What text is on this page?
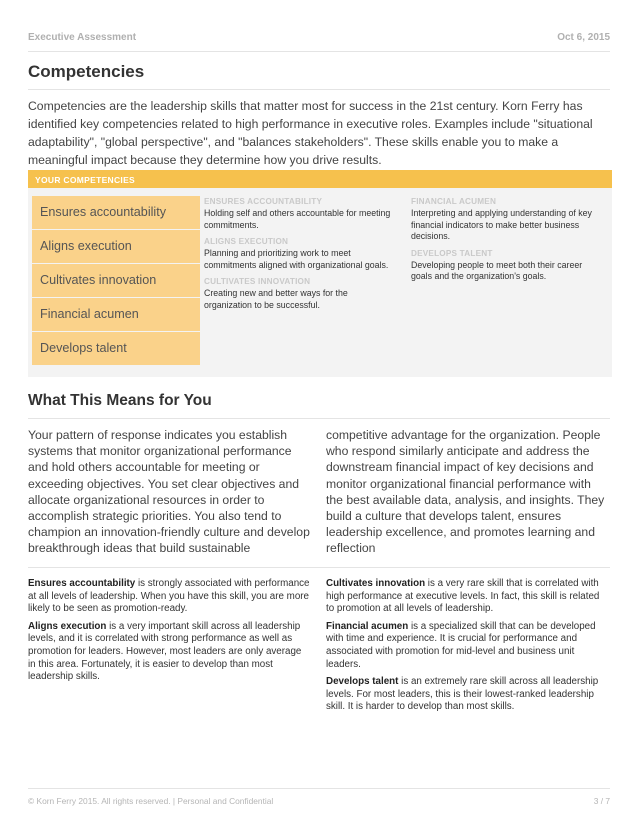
Executive Assessment	Oct 6, 2015
Competencies
Competencies are the leadership skills that matter most for success in the 21st century. Korn Ferry has identified key competencies related to high performance in executive roles. Examples include "situational adaptability", "global perspective", and "balances stakeholders". These skills enable you to make a meaningful impact because they determine how you drive results.
YOUR COMPETENCIES
Ensures accountability
Aligns execution
Cultivates innovation
Financial acumen
Develops talent
ENSURES ACCOUNTABILITY
Holding self and others accountable for meeting commitments.
ALIGNS EXECUTION
Planning and prioritizing work to meet commitments aligned with organizational goals.
CULTIVATES INNOVATION
Creating new and better ways for the organization to be successful.
FINANCIAL ACUMEN
Interpreting and applying understanding of key financial indicators to make better business decisions.
DEVELOPS TALENT
Developing people to meet both their career goals and the organization's goals.
What This Means for You
Your pattern of response indicates you establish systems that monitor organizational performance and hold others accountable for meeting or exceeding objectives. You set clear objectives and allocate organizational resources in order to accomplish strategic priorities. You also tend to champion an innovation-friendly culture and develop breakthrough ideas that build sustainable
competitive advantage for the organization. People who respond similarly anticipate and address the downstream financial impact of key decisions and monitor organizational financial performance with the best available data, analysis, and insights. They build a culture that develops talent, ensures leadership excellence, and promotes learning and reflection

Ensures accountability is strongly associated with performance at all levels of leadership. When you have this skill, you are more likely to be seen as promotion-ready.

Aligns execution is a very important skill across all leadership levels, and it is correlated with strong performance as well as promotion for leaders. However, most leaders are only average in this area. Fortunately, it is easier to develop than most leadership skills.

Cultivates innovation is a very rare skill that is correlated with high performance at executive levels. In fact, this skill is related to promotion at all levels of leadership.

Financial acumen is a specialized skill that can be developed with time and experience. It is crucial for performance and associated with promotion for mid-level and business unit leaders.

Develops talent is an extremely rare skill across all leadership levels. For most leaders, this is their lowest-ranked leadership skill. It is harder to develop than most skills.

© Korn Ferry 2015. All rights reserved. | Personal and Confidential	3 / 7
